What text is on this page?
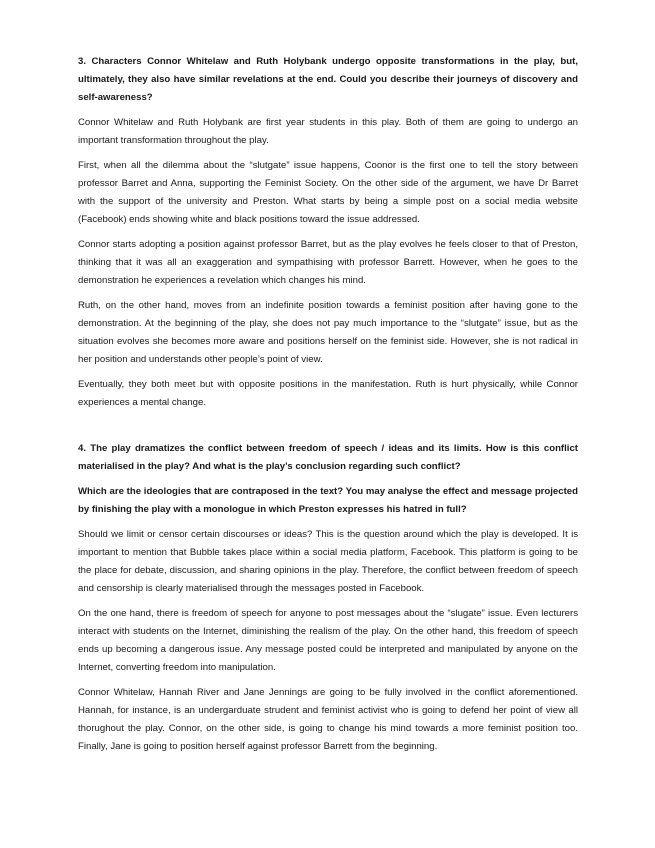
3. Characters Connor Whitelaw and Ruth Holybank undergo opposite transformations in the play, but, ultimately, they also have similar revelations at the end. Could you describe their journeys of discovery and self-awareness?

Connor Whitelaw and Ruth Holybank are first year students in this play. Both of them are going to undergo an important transformation throughout the play.

First, when all the dilemma about the “slutgate” issue happens, Coonor is the first one to tell the story between professor Barret and Anna, supporting the Feminist Society. On the other side of the argument, we have Dr Barret with the support of the university and Preston. What starts by being a simple post on a social media website (Facebook) ends showing white and black positions toward the issue addressed.

Connor starts adopting a position against professor Barret, but as the play evolves he feels closer to that of Preston, thinking that it was all an exaggeration and sympathising with professor Barrett. However, when he goes to the demonstration he experiences a revelation which changes his mind.

Ruth, on the other hand, moves from an indefinite position towards a feminist position after having gone to the demonstration. At the beginning of the play, she does not pay much importance to the “slutgate” issue, but as the situation evolves she becomes more aware and positions herself on the feminist side. However, she is not radical in her position and understands other people’s point of view.

Eventually, they both meet but with opposite positions in the manifestation. Ruth is hurt physically, while Connor experiences a mental change.

4. The play dramatizes the conflict between freedom of speech / ideas and its limits. How is this conflict materialised in the play? And what is the play’s conclusion regarding such conflict?

Which are the ideologies that are contraposed in the text? You may analyse the effect and message projected by finishing the play with a monologue in which Preston expresses his hatred in full?

Should we limit or censor certain discourses or ideas? This is the question around which the play is developed. It is important to mention that Bubble takes place within a social media platform, Facebook. This platform is going to be the place for debate, discussion, and sharing opinions in the play. Therefore, the conflict between freedom of speech and censorship is clearly materialised through the messages posted in Facebook.

On the one hand, there is freedom of speech for anyone to post messages about the “slugate” issue. Even lecturers interact with students on the Internet, diminishing the realism of the play. On the other hand, this freedom of speech ends up becoming a dangerous issue. Any message posted could be interpreted and manipulated by anyone on the Internet, converting freedom into manipulation.

Connor Whitelaw, Hannah River and Jane Jennings are going to be fully involved in the conflict aforementioned. Hannah, for instance, is an undergarduate strudent and feminist activist who is going to defend her point of view all thorughout the play. Connor, on the other side, is going to change his mind towards a more feminist position too. Finally, Jane is going to position herself against professor Barrett from the beginning.
